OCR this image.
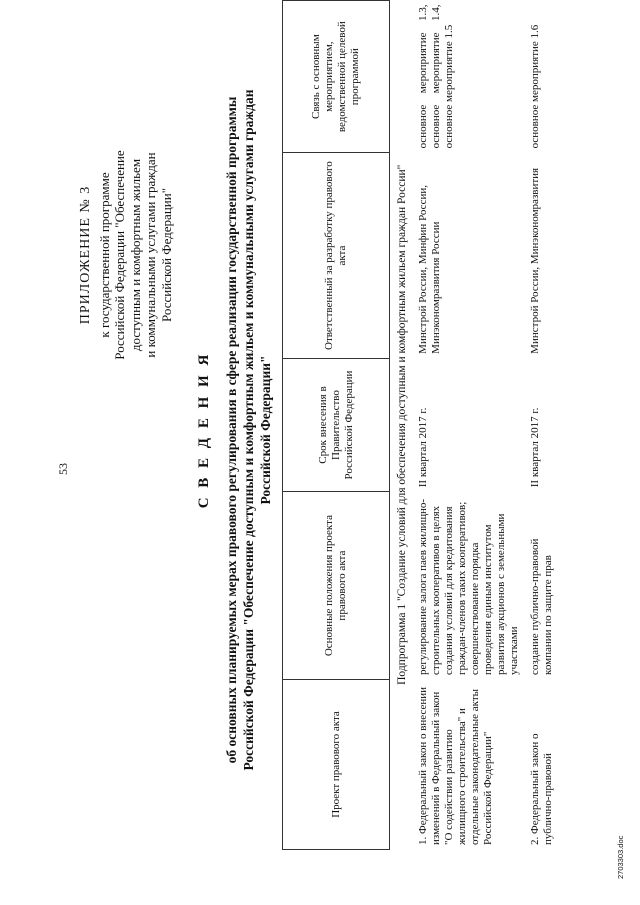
53
ПРИЛОЖЕНИЕ № 3 к государственной программе Российской Федерации "Обеспечение доступным и комфортным жильем и коммунальными услугами граждан Российской Федерации"
С В Е Д Е Н И Я об основных планируемых мерах правового регулирования в сфере реализации государственной программы Российской Федерации "Обеспечение доступным и комфортным жильем и коммунальными услугами граждан Российской Федерации"
Проект правового акта	Основные положения проекта правового акта	Срок внесения в Правительство Российской Федерации	Ответственный за разработку правового акта	Связь с основным мероприятием, ведомственной целевой программой
Подпрограмма 1 "Создание условий для обеспечения доступным и комфортным жильем граждан России"				
1. Федеральный закон о внесении изменений в Федеральный закон "О содействии развитию жилищного строительства" и отдельные законодательные акты Российской Федерации"	регулирование залога паев жилищно-строительных кооперативов в целях создания условий для кредитования граждан-членов таких кооперативов; совершенствование порядка проведения единым институтом развития аукционов с земельными участками	II квартал 2017 г.	Минстрой России, Минфин России, Минэкономразвития России	основное мероприятие 1.3, основное мероприятие 1.4, основное мероприятие 1.5
2. Федеральный закон о публично-правовой	создание публично-правовой компании по защите прав	II квартал 2017 г.	Минстрой России, Минэкономразвития	основное мероприятие 1.6
2703303.doc
